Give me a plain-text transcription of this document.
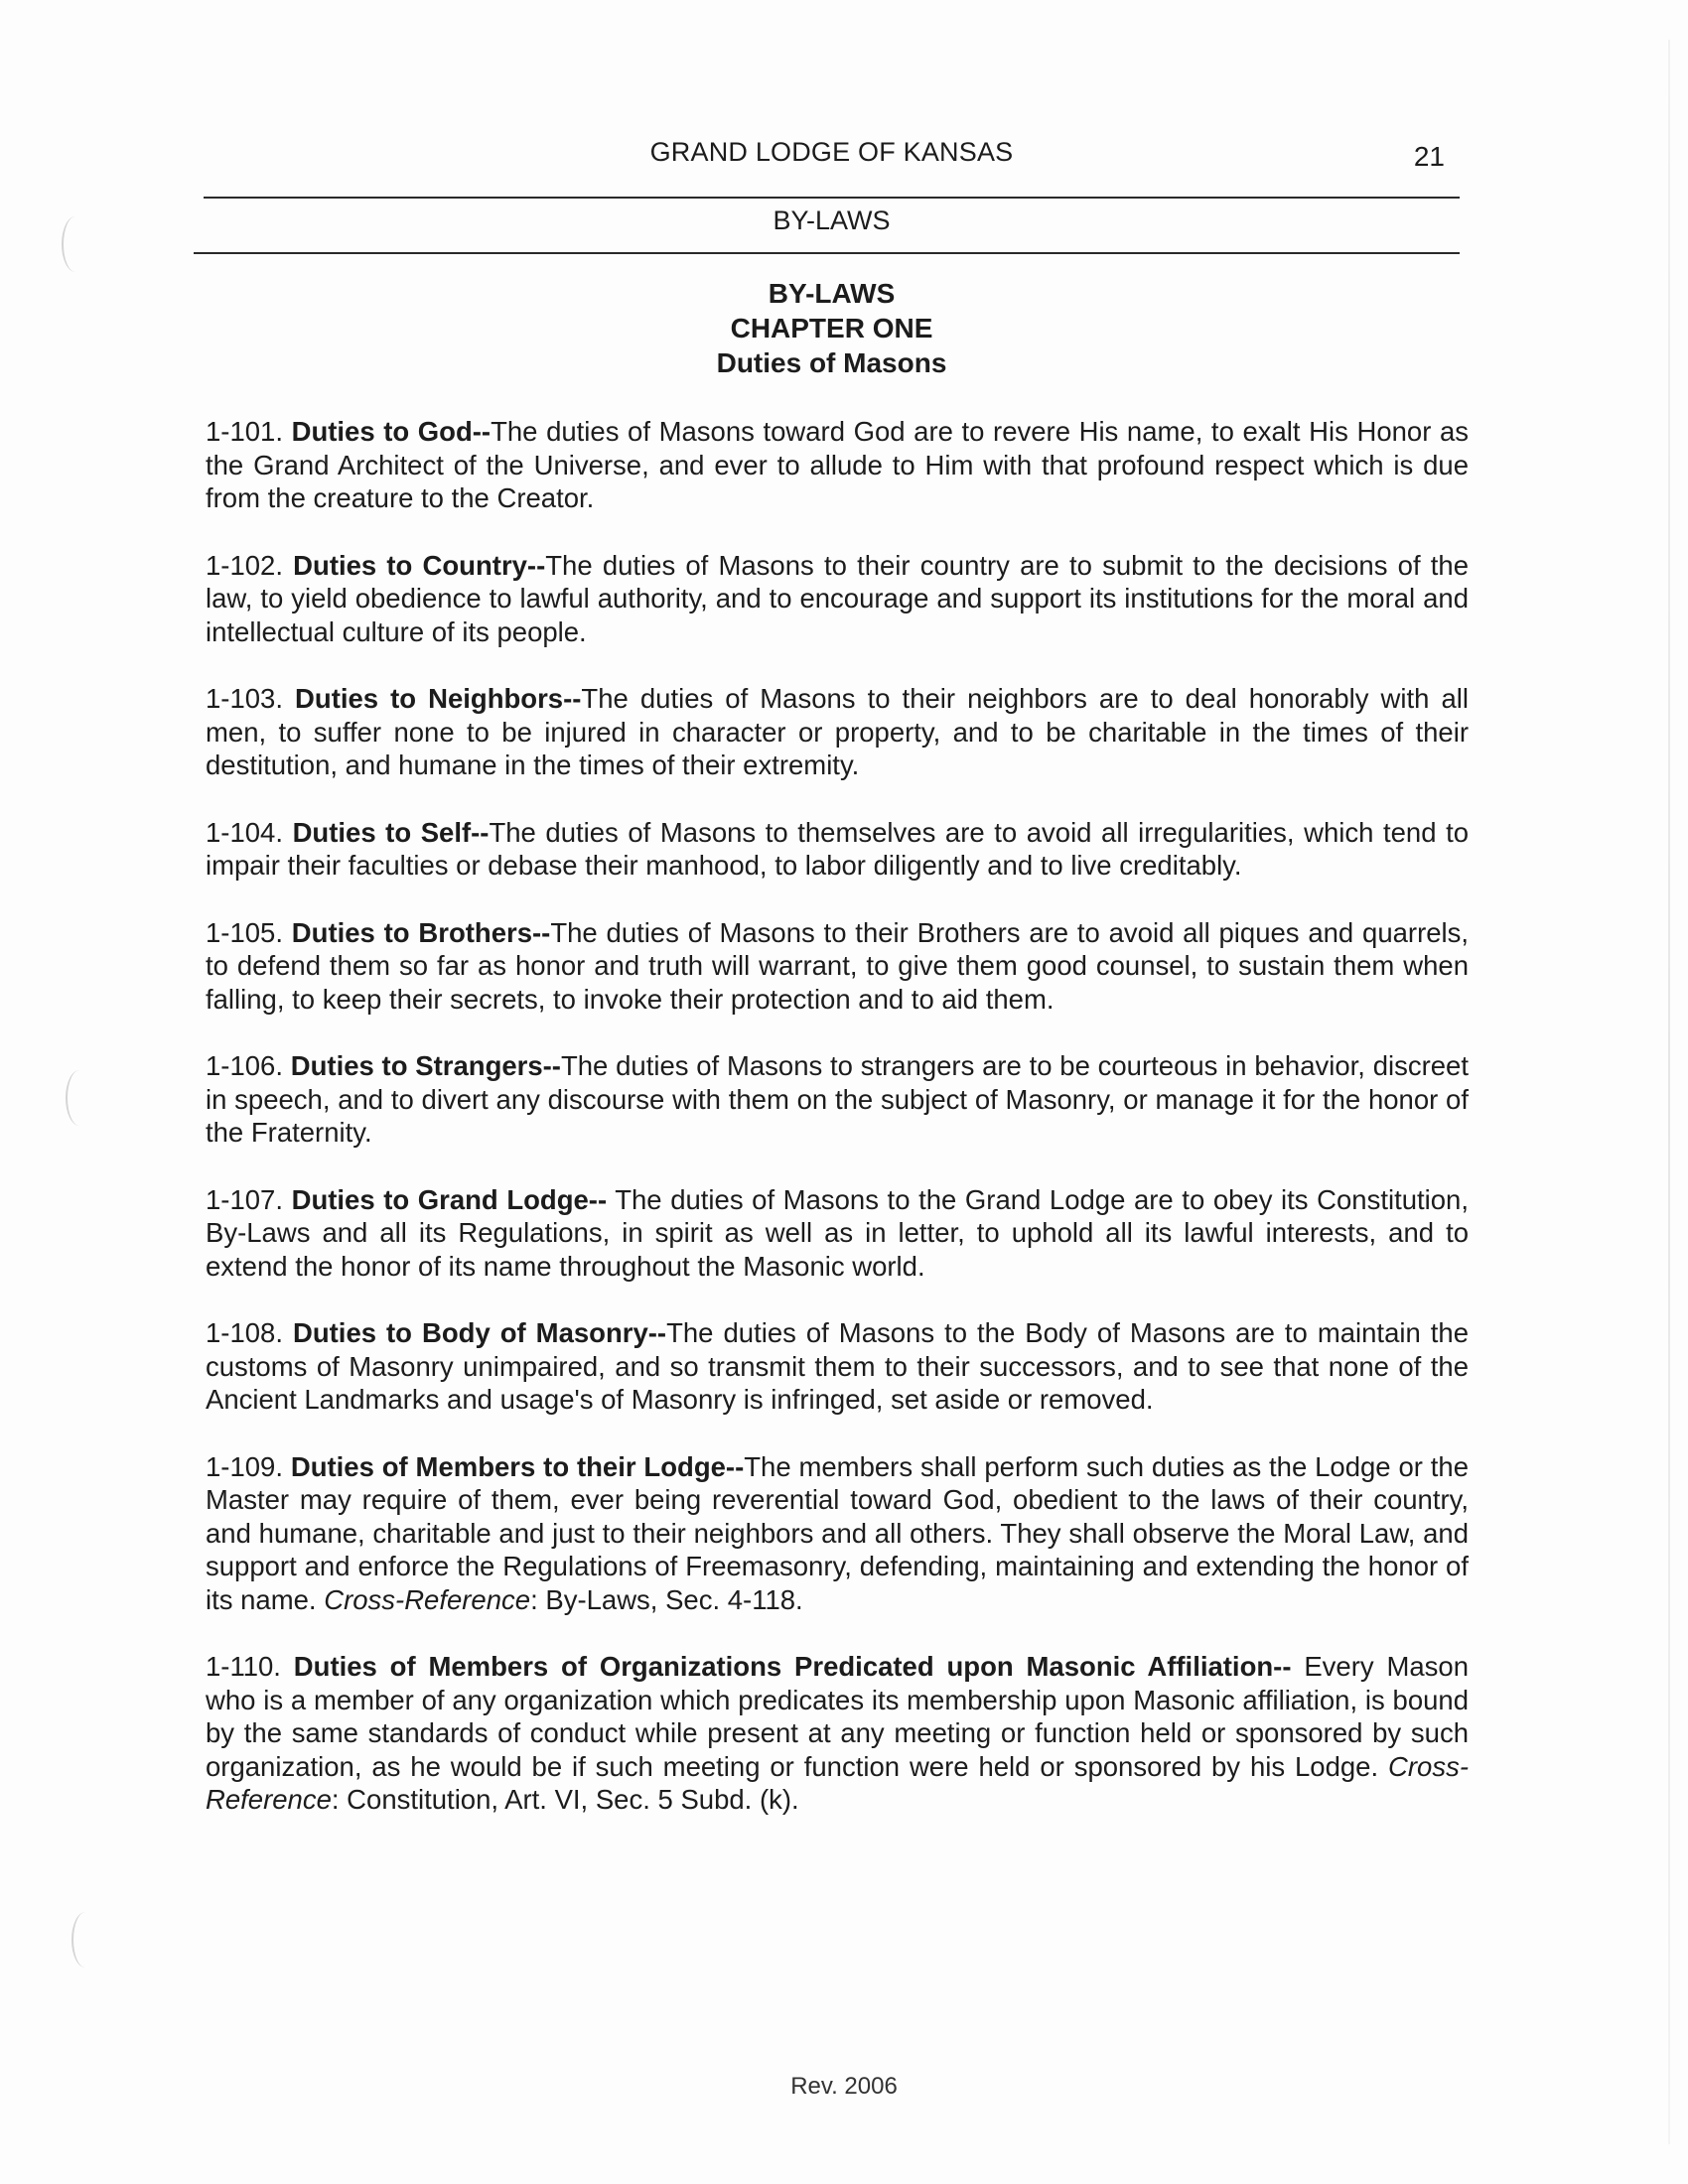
GRAND LODGE OF KANSAS	21
BY-LAWS
BY-LAWS
CHAPTER ONE
Duties of Masons

1-101. Duties to God--The duties of Masons toward God are to revere His name, to exalt His Honor as the Grand Architect of the Universe, and ever to allude to Him with that profound respect which is due from the creature to the Creator.

1-102. Duties to Country--The duties of Masons to their country are to submit to the decisions of the law, to yield obedience to lawful authority, and to encourage and support its institutions for the moral and intellectual culture of its people.

1-103. Duties to Neighbors--The duties of Masons to their neighbors are to deal honorably with all men, to suffer none to be injured in character or property, and to be charitable in the times of their destitution, and humane in the times of their extremity.

1-104. Duties to Self--The duties of Masons to themselves are to avoid all irregularities, which tend to impair their faculties or debase their manhood, to labor diligently and to live creditably.

1-105. Duties to Brothers--The duties of Masons to their Brothers are to avoid all piques and quarrels, to defend them so far as honor and truth will warrant, to give them good counsel, to sustain them when falling, to keep their secrets, to invoke their protection and to aid them.

1-106. Duties to Strangers--The duties of Masons to strangers are to be courteous in behavior, discreet in speech, and to divert any discourse with them on the subject of Masonry, or manage it for the honor of the Fraternity.

1-107. Duties to Grand Lodge-- The duties of Masons to the Grand Lodge are to obey its Constitution, By-Laws and all its Regulations, in spirit as well as in letter, to uphold all its lawful interests, and to extend the honor of its name throughout the Masonic world.

1-108. Duties to Body of Masonry--The duties of Masons to the Body of Masons are to maintain the customs of Masonry unimpaired, and so transmit them to their successors, and to see that none of the Ancient Landmarks and usage's of Masonry is infringed, set aside or removed.

1-109. Duties of Members to their Lodge--The members shall perform such duties as the Lodge or the Master may require of them, ever being reverential toward God, obedient to the laws of their country, and humane, charitable and just to their neighbors and all others. They shall observe the Moral Law, and support and enforce the Regulations of Freemasonry, defending, maintaining and extending the honor of its name. Cross-Reference: By-Laws, Sec. 4-118.

1-110. Duties of Members of Organizations Predicated upon Masonic Affiliation-- Every Mason who is a member of any organization which predicates its membership upon Masonic affiliation, is bound by the same standards of conduct while present at any meeting or function held or sponsored by such organization, as he would be if such meeting or function were held or sponsored by his Lodge. Cross-Reference: Constitution, Art. VI, Sec. 5 Subd. (k).

Rev. 2006
